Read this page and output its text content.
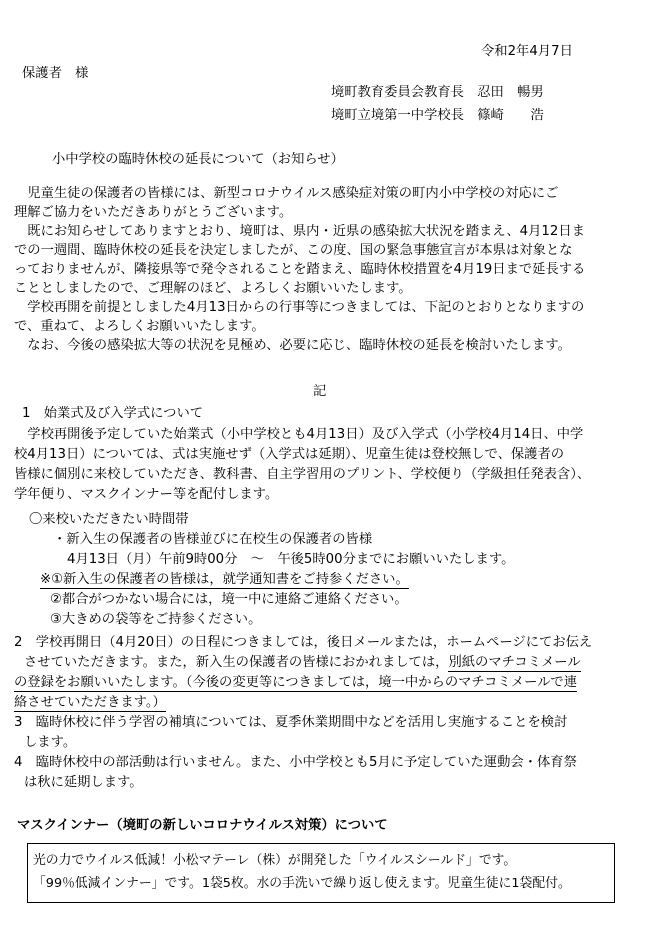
令和2年4月7日
保護者　様
境町教育委員会教育長　忍田　暢男
境町立境第一中学校長　篠崎　　浩
小中学校の臨時休校の延長について（お知らせ）
　児童生徒の保護者の皆様には、新型コロナウイルス感染症対策の町内小中学校の対応にご
理解ご協力をいただきありがとうございます。
　既にお知らせしてありますとおり、境町は、県内・近県の感染拡大状況を踏まえ、4月12日ま
での一週間、臨時休校の延長を決定しましたが、この度、国の緊急事態宣言が本県は対象とな
っておりませんが、隣接県等で発令されることを踏まえ、臨時休校措置を4月19日まで延長する
こととしましたので、ご理解のほど、よろしくお願いいたします。
　学校再開を前提としました4月13日からの行事等につきましては、下記のとおりとなりますの
で、重ねて、よろしくお願いいたします。
　なお、今後の感染拡大等の状況を見極め、必要に応じ、臨時休校の延長を検討いたします。
記
1　始業式及び入学式について
　学校再開後予定していた始業式（小中学校とも4月13日）及び入学式（小学校4月14日、中学
校4月13日）については、式は実施せず（入学式は延期）、児童生徒は登校無しで、保護者の
皆様に個別に来校していただき、教科書、自主学習用のプリント、学校便り（学級担任発表含）、
学年便り、マスクインナー等を配付します。
〇来校いただきたい時間帯
・新入生の保護者の皆様並びに在校生の保護者の皆様
4月13日（月）午前9時00分　～　午後5時00分までにお願いいたします。
※①新入生の保護者の皆様は，就学通知書をご持参ください。
②都合がつかない場合には，境一中に連絡ご連絡ください。
③大きめの袋等をご持参ください。
2　学校再開日（4月20日）の日程につきましては，後日メールまたは，ホームページにてお伝え
させていただきます。また，新入生の保護者の皆様におかれましては，別紙のマチコミメール
の登録をお願いいたします。（今後の変更等につきましては，境一中からのマチコミメールで連
絡させていただきます。）
3　臨時休校に伴う学習の補填については、夏季休業期間中などを活用し実施することを検討
します。
4　臨時休校中の部活動は行いません。また、小中学校とも5月に予定していた運動会・体育祭
は秋に延期します。
マスクインナー（境町の新しいコロナウイルス対策）について
光の力でウイルス低減！小松マテーレ（株）が開発した「ウイルスシールド」です。
「99％低減インナー」です。1袋5枚。水の手洗いで繰り返し使えます。児童生徒に1袋配付。
